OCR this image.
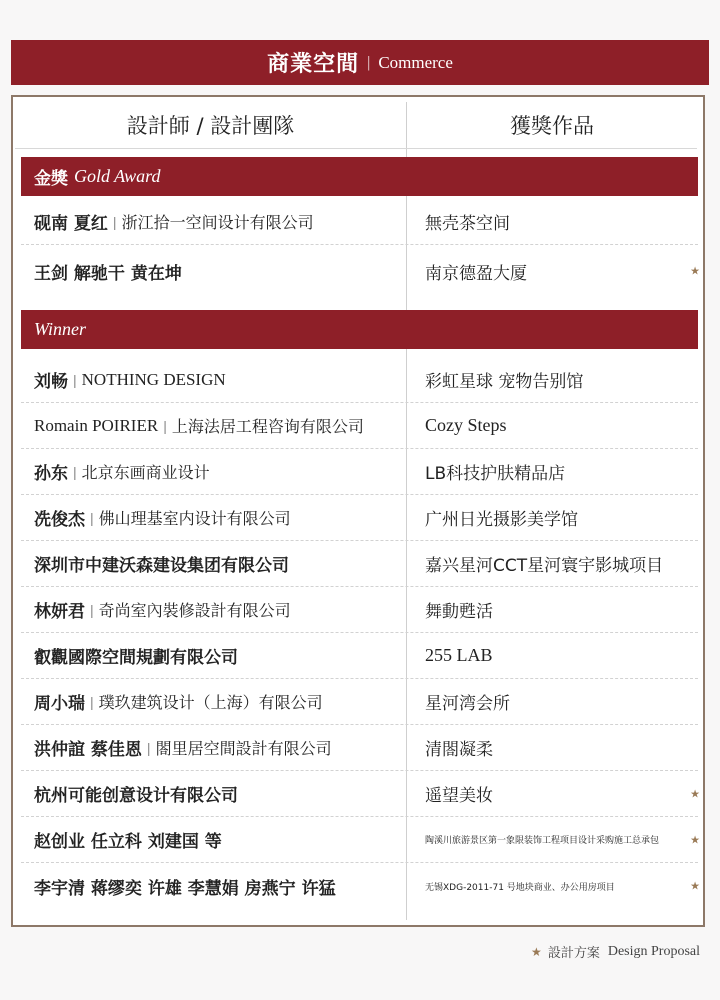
商業空間 | Commerce
設計師 / 設計團隊	獲獎作品
金獎 Gold Award
砚南 夏红 | 浙江拾一空间设计有限公司	無壳茶空间
王剑 解驰干 黄在坤	南京德盈大厦	★
Winner
刘畅 | NOTHING DESIGN	彩虹星球 宠物告别馆
Romain POIRIER | 上海法居工程咨询有限公司	Cozy Steps
孙东 | 北京东画商业设计	LB科技护肤精品店
冼俊杰 | 佛山理基室内设计有限公司	广州日光摄影美学馆
深圳市中建沃森建设集团有限公司	嘉兴星河CCT星河寰宇影城项目
林妍君 | 奇尚室內裝修設計有限公司	舞動甦活
叡觀國際空間規劃有限公司	255 LAB
周小瑞 | 璞玖建筑设计（上海）有限公司	星河湾会所
洪仲誼 蔡佳恩 | 閤里居空間設計有限公司	清閤凝柔
杭州可能创意设计有限公司	遥望美妆	★
赵创业 任立科 刘建国 等	陶溪川旅游景区第一象限装饰工程项目设计采购施工总承包	★
李宇清 蒋缪奕 许雄 李慧娟 房燕宁 许猛	无锡XDG-2011-71 号地块商业、办公用房项目	★
★ 設計方案 Design Proposal
